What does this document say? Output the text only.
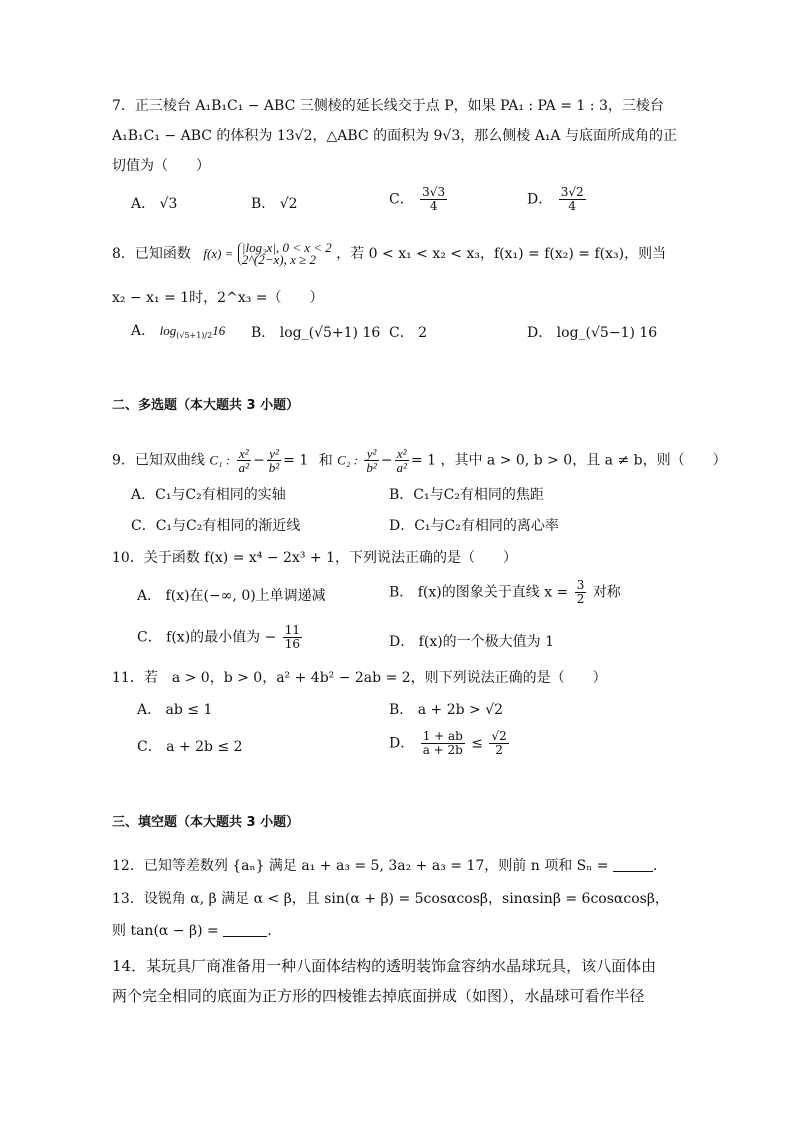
7．正三棱台 A₁B₁C₁ − ABC 三侧棱的延长线交于点 P，如果 PA₁ : PA = 1 : 3，三棱台
A₁B₁C₁ − ABC 的体积为 13√2，△ABC 的面积为 9√3，那么侧棱 A₁A 与底面所成角的正
切值为（　　）
A． √3	B． √2	C． $\frac{3√3}{4}$	D． $\frac{3√2}{4}$
8．已知函数 f(x) = |log₂x|, 0 < x < 2
2^(2−x), x ≥ 2	，若 0 < x₁ < x₂ < x₃，f(x₁) = f(x₂) = f(x₃)，则当
x₂ − x₁ = 1时，2^x₃ =（　　）
A． $\log_{(√5+1)/2}16$ B． log_(√5+1) 16 C． 2	D． log_(√5−1) 16
二、多选题（本大题共 3 小题）
9．已知双曲线 C₁ : $\frac{\text{x²}}{\text{a²}} - \frac{\text{y²}}{\text{b²}} = 1$ 和 C₂ : $\frac{\text{y²}}{\text{b²}} - \frac{\text{x²}}{\text{a²}} = 1$ ，其中 a > 0, b > 0，且 a ≠ b，则（　　）
A．C₁与C₂有相同的实轴	B．C₁与C₂有相同的焦距
C．C₁与C₂有相同的渐近线	D．C₁与C₂有相同的离心率
10．关于函数 f(x) = x⁴ − 2x³ + 1，下列说法正确的是（　　）
A． f(x)在(−∞, 0)上单调递减	B． f(x)的图象关于直线 $x = \frac{3}{2}$ 对称
C． f(x)的最小值为 − $\frac{11}{16}$	D． f(x)的一个极大值为 1
11．若　a > 0，b > 0，a² + 4b² − 2ab = 2，则下列说法正确的是（　　）
A． ab ≤ 1	B． a + 2b > √2
C． a + 2b ≤ 2	D． $\frac{1 + ab}{a + 2b} \le \frac{√2}{2}$
三、填空题（本大题共 3 小题）
12．已知等差数列 {aₙ} 满足 a₁ + a₃ = 5, 3a₂ + a₃ = 17，则前 n 项和 Sₙ =	.
13．设锐角 α, β 满足 α < β，且 sin(α + β) = 5cosαcosβ，sinαsinβ = 6cosαcosβ，
则 tan(α − β) =	.
14．某玩具厂商准备用一种八面体结构的透明装饰盒容纳水晶球玩具，该八面体由
两个完全相同的底面为正方形的四棱锥去掉底面拼成（如图），水晶球可看作半径
